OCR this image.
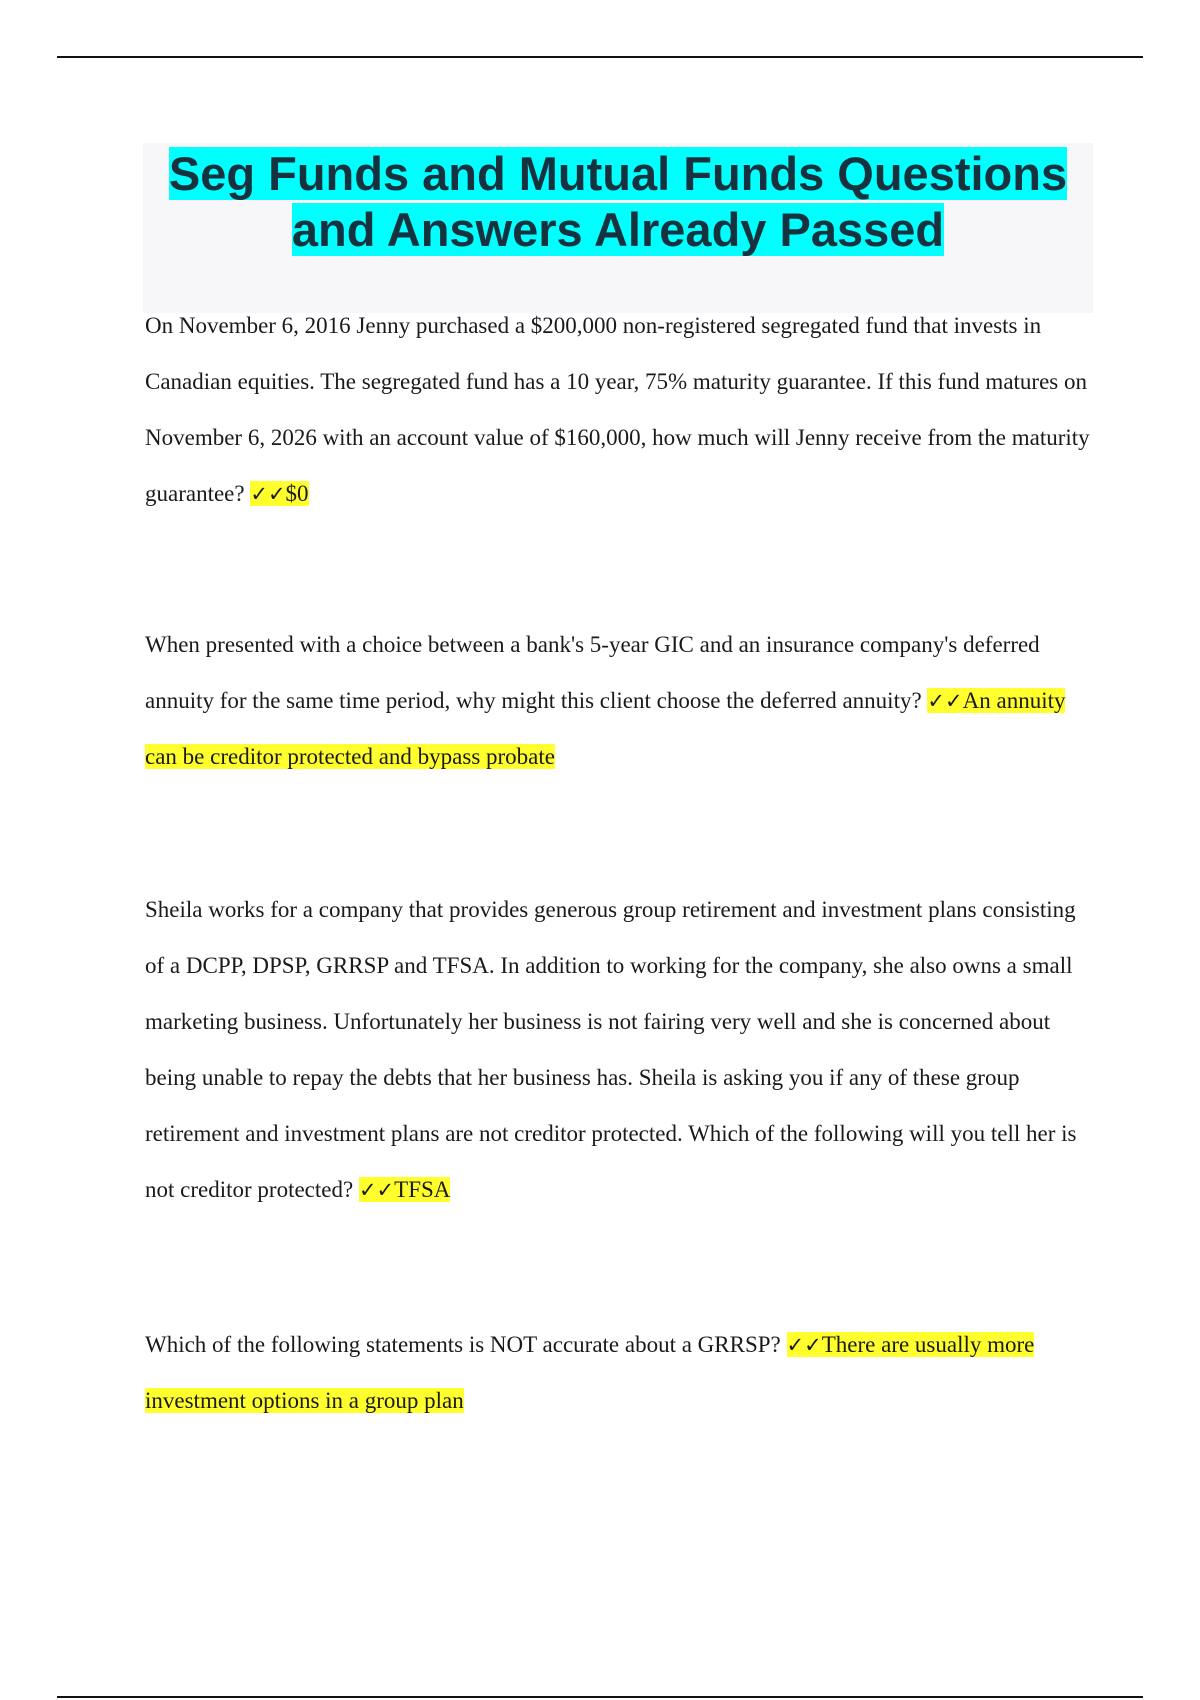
Seg Funds and Mutual Funds Questions and Answers Already Passed

On November 6, 2016 Jenny purchased a $200,000 non-registered segregated fund that invests in Canadian equities. The segregated fund has a 10 year, 75% maturity guarantee. If this fund matures on November 6, 2026 with an account value of $160,000, how much will Jenny receive from the maturity guarantee? ✓✓$0

When presented with a choice between a bank's 5-year GIC and an insurance company's deferred annuity for the same time period, why might this client choose the deferred annuity? ✓✓An annuity can be creditor protected and bypass probate

Sheila works for a company that provides generous group retirement and investment plans consisting of a DCPP, DPSP, GRRSP and TFSA. In addition to working for the company, she also owns a small marketing business. Unfortunately her business is not fairing very well and she is concerned about being unable to repay the debts that her business has. Sheila is asking you if any of these group retirement and investment plans are not creditor protected. Which of the following will you tell her is not creditor protected? ✓✓TFSA

Which of the following statements is NOT accurate about a GRRSP? ✓✓There are usually more investment options in a group plan
